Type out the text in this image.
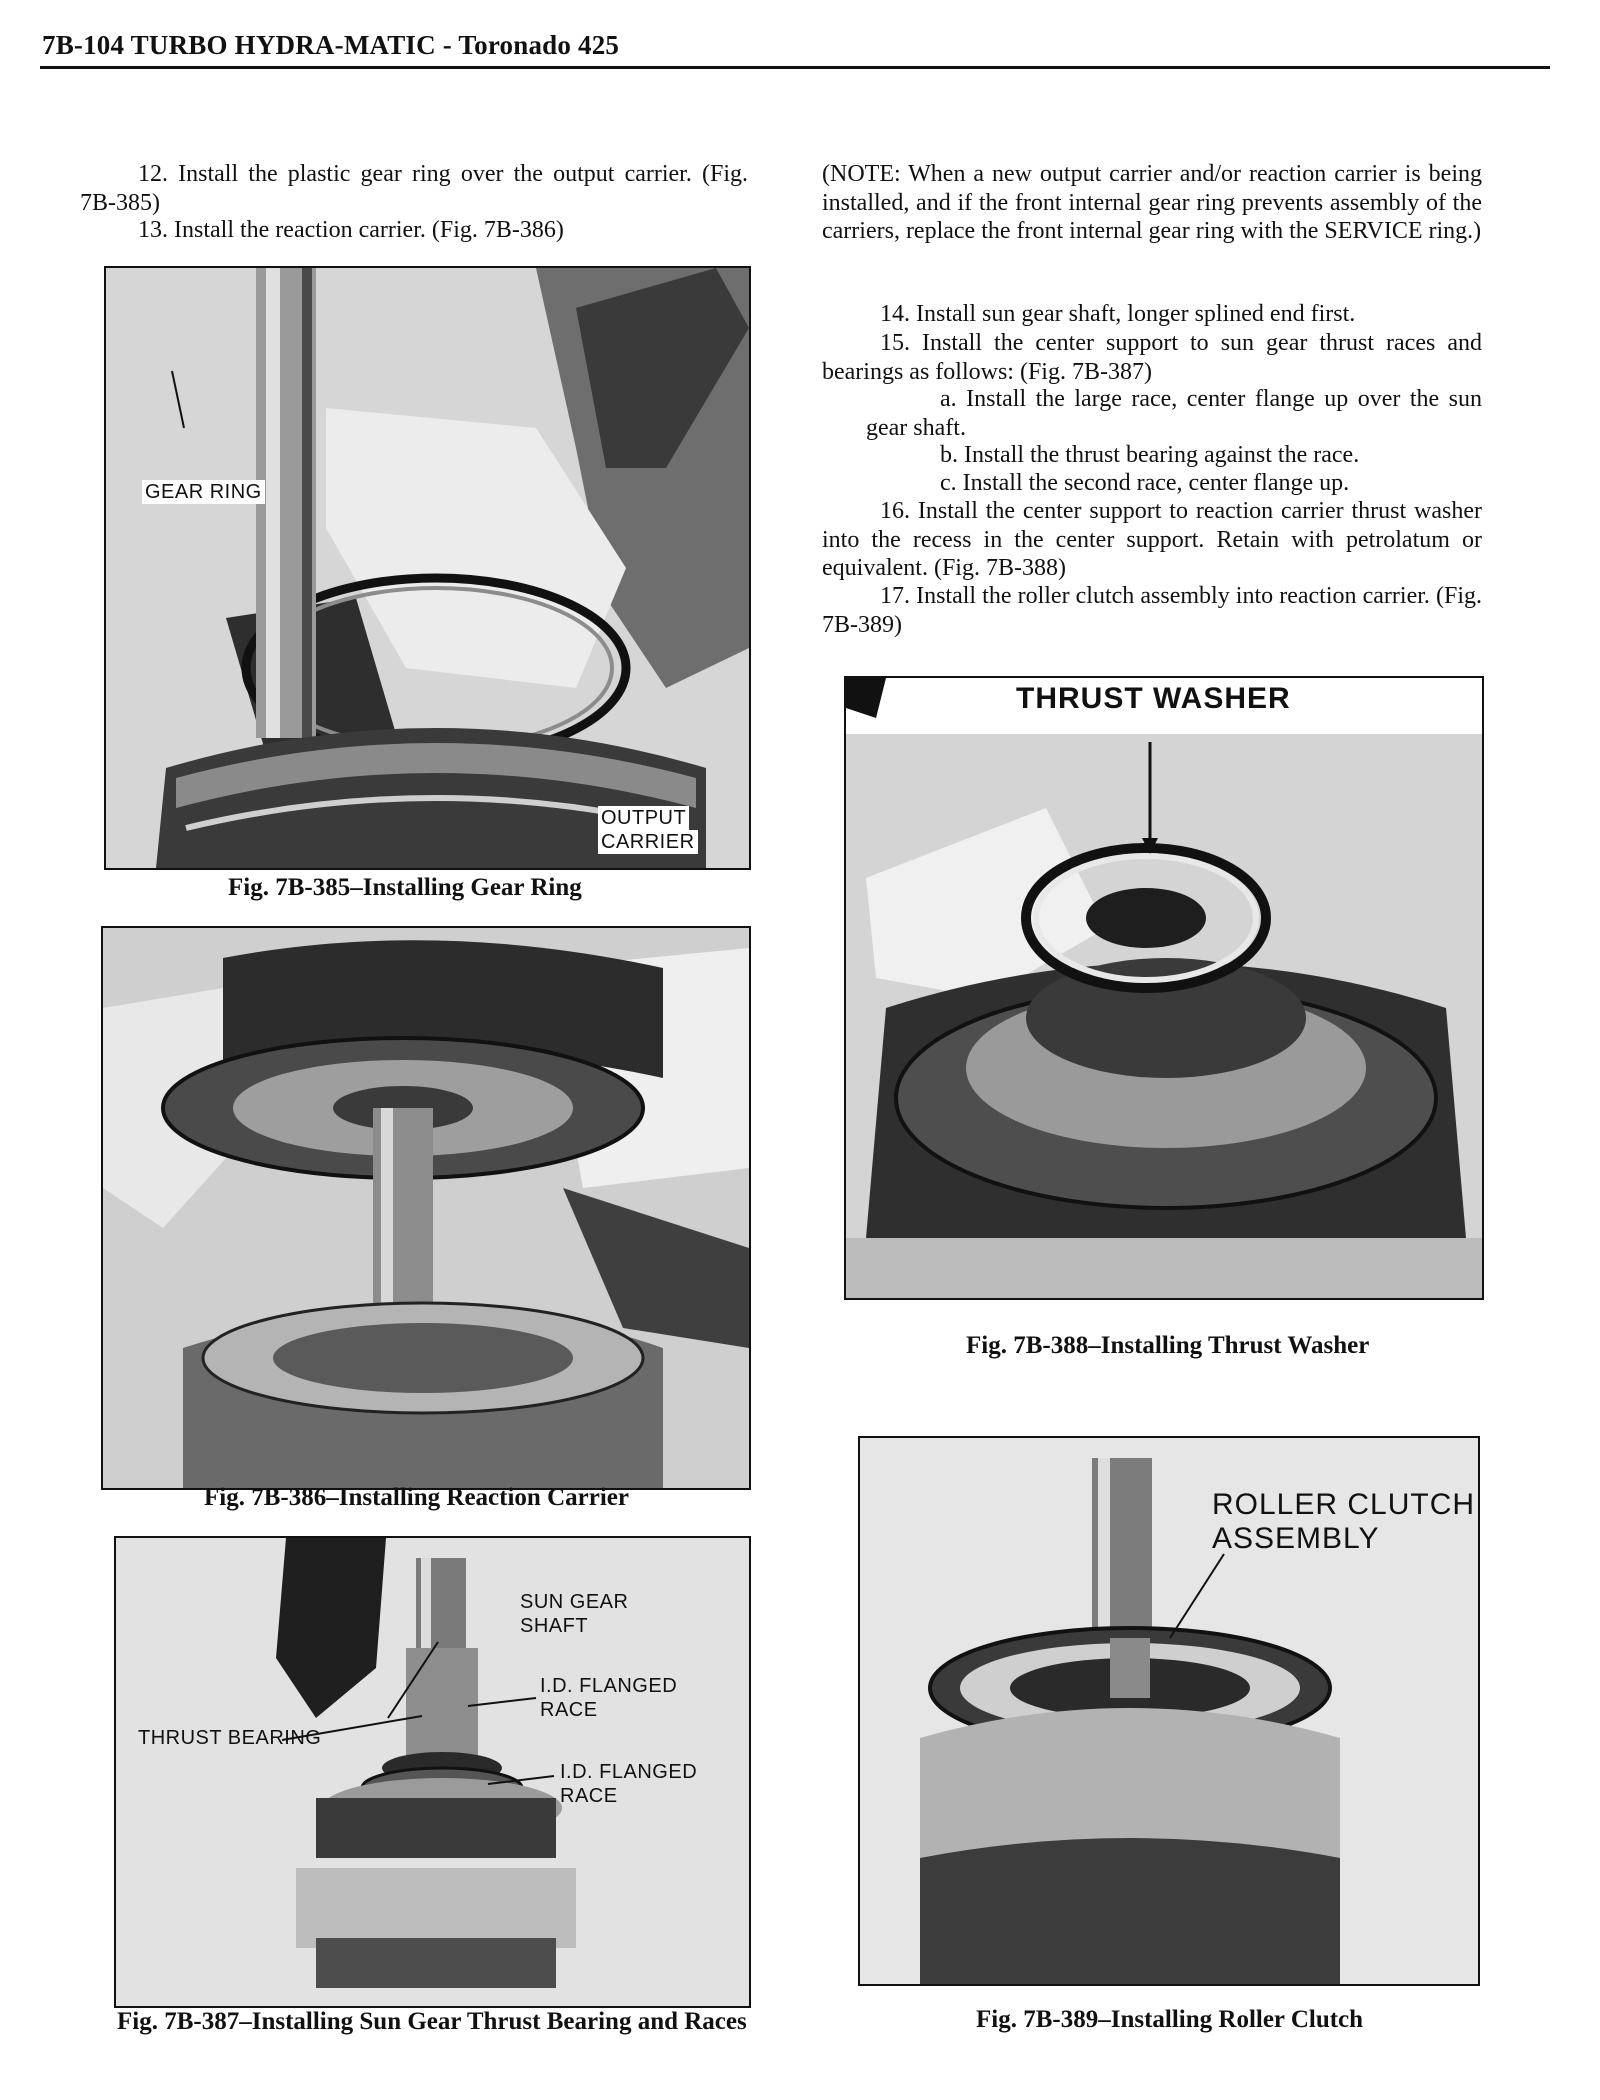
7B-104 TURBO HYDRA-MATIC - Toronado 425

12. Install the plastic gear ring over the output carrier. (Fig. 7B-385)

13. Install the reaction carrier. (Fig. 7B-386)

GEAR RING
OUTPUT
CARRIER
Fig. 7B-385–Installing Gear Ring
Fig. 7B-386–Installing Reaction Carrier
SUN GEAR
SHAFT
I.D. FLANGED
RACE
THRUST BEARING
I.D. FLANGED
RACE
Fig. 7B-387–Installing Sun Gear Thrust Bearing and Races

(NOTE: When a new output carrier and/or reaction carrier is being installed, and if the front internal gear ring prevents assembly of the carriers, replace the front internal gear ring with the SERVICE ring.)

14. Install sun gear shaft, longer splined end first.

15. Install the center support to sun gear thrust races and bearings as follows: (Fig. 7B-387)

a. Install the large race, center flange up over the sun gear shaft.

b. Install the thrust bearing against the race.

c. Install the second race, center flange up.

16. Install the center support to reaction carrier thrust washer into the recess in the center support. Retain with petrolatum or equivalent. (Fig. 7B-388)

17. Install the roller clutch assembly into reaction carrier. (Fig. 7B-389)

THRUST WASHER
Fig. 7B-388–Installing Thrust Washer
ROLLER CLUTCH
ASSEMBLY
Fig. 7B-389–Installing Roller Clutch
